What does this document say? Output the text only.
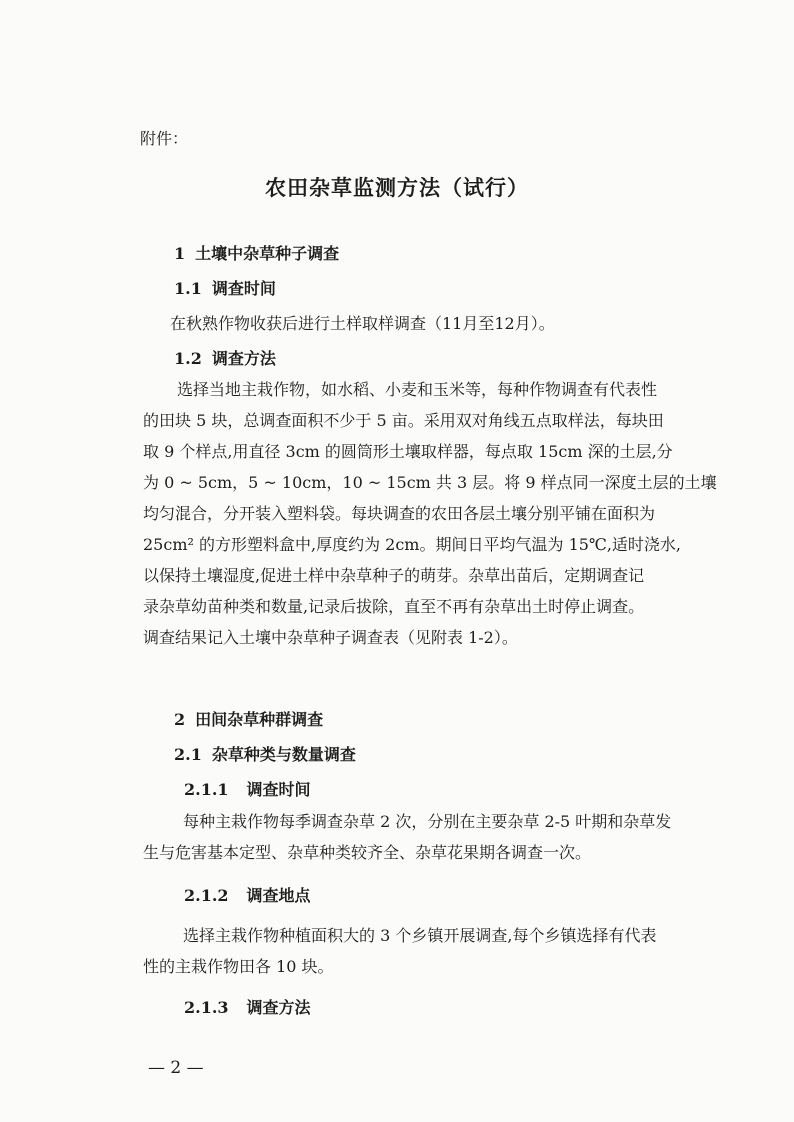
附件：
农田杂草监测方法（试行）
1 土壤中杂草种子调查
1.1 调查时间
在秋熟作物收获后进行土样取样调查（11月至12月）。
1.2 调查方法
选择当地主栽作物，如水稻、小麦和玉米等，每种作物调查有代表性
的田块 5 块，总调查面积不少于 5 亩。采用双对角线五点取样法，每块田
取 9 个样点,用直径 3cm 的圆筒形土壤取样器，每点取 15cm 深的土层,分
为 0 ~ 5cm，5 ~ 10cm，10 ~ 15cm 共 3 层。将 9 样点同一深度土层的土壤
均匀混合，分开装入塑料袋。每块调查的农田各层土壤分别平铺在面积为
25cm² 的方形塑料盒中,厚度约为 2cm。期间日平均气温为 15℃,适时浇水,
以保持土壤湿度,促进土样中杂草种子的萌芽。杂草出苗后，定期调查记
录杂草幼苗种类和数量,记录后拔除，直至不再有杂草出土时停止调查。
调查结果记入土壤中杂草种子调查表（见附表 1-2）。
2 田间杂草种群调查
2.1 杂草种类与数量调查
2.1.1 调查时间
每种主栽作物每季调查杂草 2 次，分别在主要杂草 2-5 叶期和杂草发
生与危害基本定型、杂草种类较齐全、杂草花果期各调查一次。
2.1.2 调查地点
选择主栽作物种植面积大的 3 个乡镇开展调查,每个乡镇选择有代表
性的主栽作物田各 10 块。
2.1.3 调查方法
— 2 —
